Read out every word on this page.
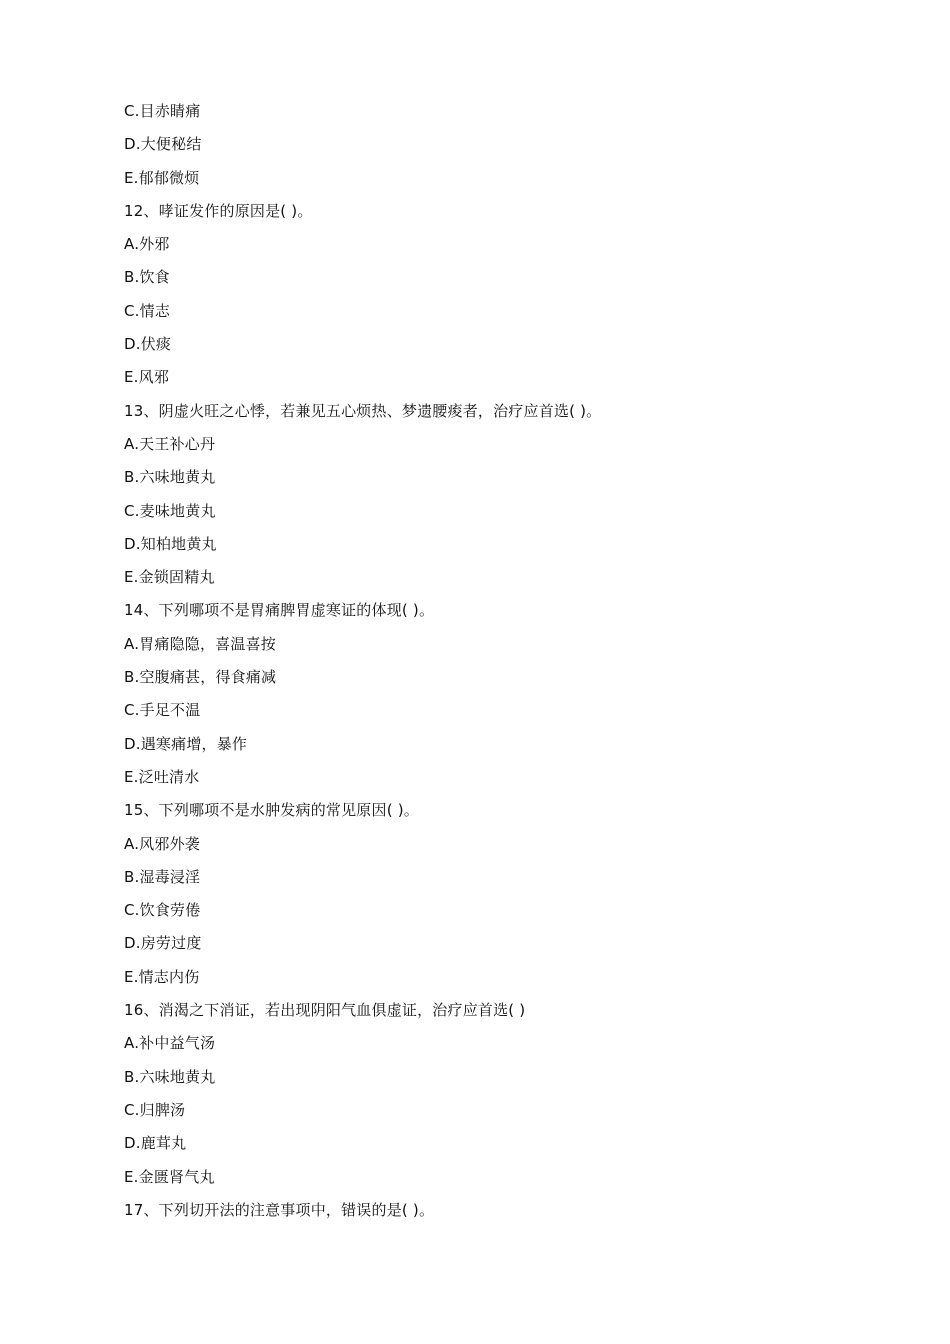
C.目赤睛痛
D.大便秘结
E.郁郁微烦
12、哮证发作的原因是( )。
A.外邪
B.饮食
C.情志
D.伏痰
E.风邪
13、阴虚火旺之心悸，若兼见五心烦热、梦遗腰痠者，治疗应首选( )。
A.天王补心丹
B.六味地黄丸
C.麦味地黄丸
D.知柏地黄丸
E.金锁固精丸
14、下列哪项不是胃痛脾胃虚寒证的体现( )。
A.胃痛隐隐，喜温喜按
B.空腹痛甚，得食痛减
C.手足不温
D.遇寒痛增，暴作
E.泛吐清水
15、下列哪项不是水肿发病的常见原因( )。
A.风邪外袭
B.湿毒浸淫
C.饮食劳倦
D.房劳过度
E.情志内伤
16、消渴之下消证，若出现阴阳气血俱虚证，治疗应首选( )
A.补中益气汤
B.六味地黄丸
C.归脾汤
D.鹿茸丸
E.金匮肾气丸
17、下列切开法的注意事项中，错误的是( )。
